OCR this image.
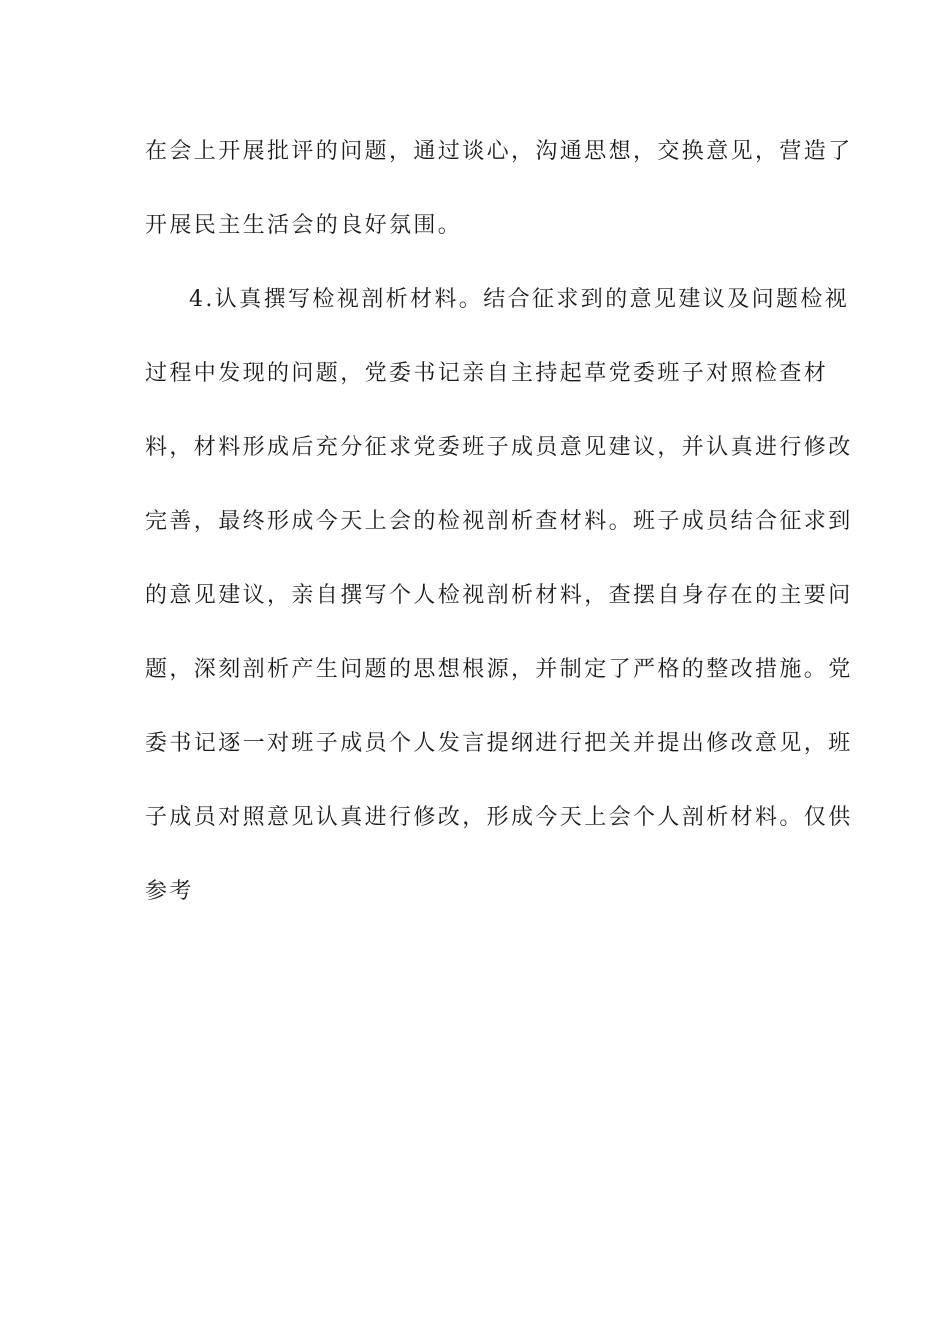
在会上开展批评的问题，通过谈心，沟通思想，交换意见，营造了
开展民主生活会的良好氛围。
4.认真撰写检视剖析材料。结合征求到的意见建议及问题检视
过程中发现的问题，党委书记亲自主持起草党委班子对照检查材
料，材料形成后充分征求党委班子成员意见建议，并认真进行修改
完善，最终形成今天上会的检视剖析查材料。班子成员结合征求到
的意见建议，亲自撰写个人检视剖析材料，查摆自身存在的主要问
题，深刻剖析产生问题的思想根源，并制定了严格的整改措施。党
委书记逐一对班子成员个人发言提纲进行把关并提出修改意见，班
子成员对照意见认真进行修改，形成今天上会个人剖析材料。仅供
参考
